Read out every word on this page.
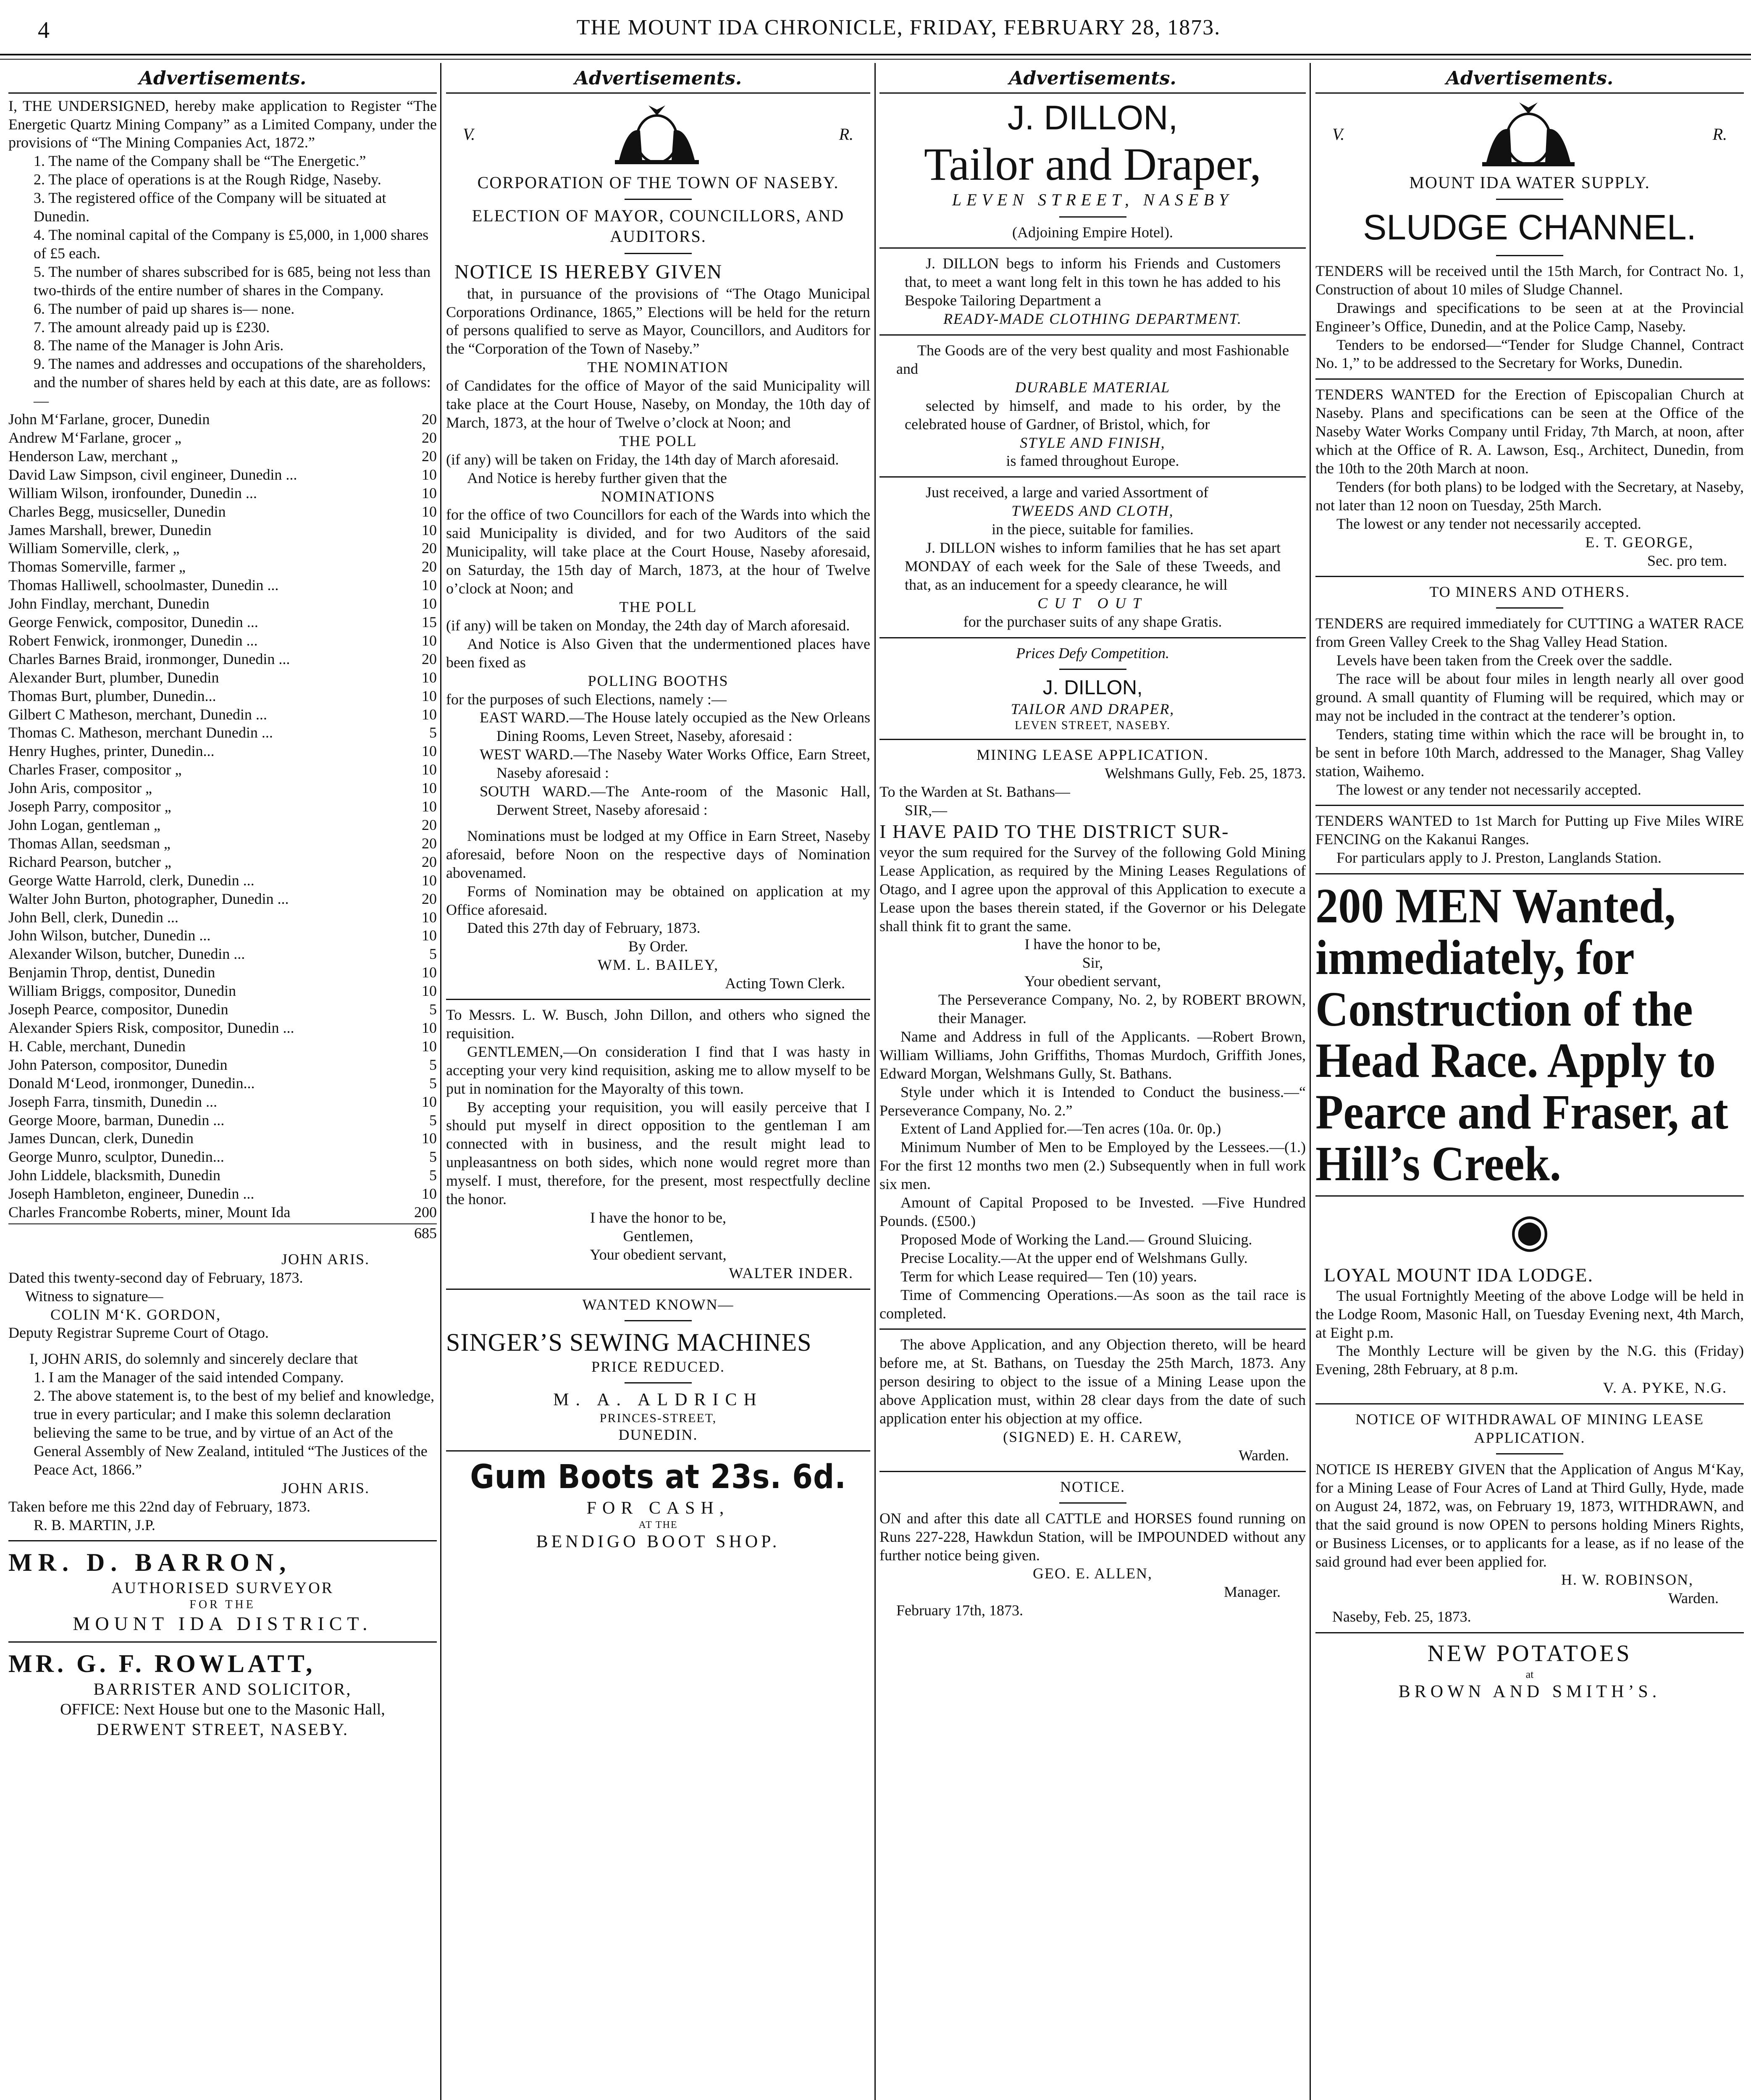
4	THE MOUNT IDA CHRONICLE, FRIDAY, FEBRUARY 28, 1873.
Advertisements.

I, THE UNDERSIGNED, hereby make application to Register “The Energetic Quartz Mining Company” as a Limited Company, under the provisions of “The Mining Companies Act, 1872.”

1. The name of the Company shall be “The Energetic.”
2. The place of operations is at the Rough Ridge, Naseby.
3. The registered office of the Company will be situated at Dunedin.
4. The nominal capital of the Company is £5,000, in 1,000 shares of £5 each.
5. The number of shares subscribed for is 685, being not less than two-thirds of the entire number of shares in the Company.
6. The number of paid up shares is— none.
7. The amount already paid up is £230.
8. The name of the Manager is John Aris.
9. The names and addresses and occupations of the shareholders, and the number of shares held by each at this date, are as follows:—
John M‘Farlane, grocer, Dunedin	20
Andrew M‘Farlane, grocer „	20
Henderson Law, merchant „	20
David Law Simpson, civil engineer, Dunedin ...	10
William Wilson, ironfounder, Dunedin ...	10
Charles Begg, musicseller, Dunedin	10
James Marshall, brewer, Dunedin	10
William Somerville, clerk, „	20
Thomas Somerville, farmer „	20
Thomas Halliwell, schoolmaster, Dunedin ...	10
John Findlay, merchant, Dunedin	10
George Fenwick, compositor, Dunedin ...	15
Robert Fenwick, ironmonger, Dunedin ...	10
Charles Barnes Braid, ironmonger, Dunedin ...	20
Alexander Burt, plumber, Dunedin	10
Thomas Burt, plumber, Dunedin...	10
Gilbert C Matheson, merchant, Dunedin ...	10
Thomas C. Matheson, merchant Dunedin ...	5
Henry Hughes, printer, Dunedin...	10
Charles Fraser, compositor „	10
John Aris, compositor „	10
Joseph Parry, compositor „	10
John Logan, gentleman „	20
Thomas Allan, seedsman „	20
Richard Pearson, butcher „	20
George Watte Harrold, clerk, Dunedin ...	10
Walter John Burton, photographer, Dunedin ...	20
John Bell, clerk, Dunedin ...	10
John Wilson, butcher, Dunedin ...	10
Alexander Wilson, butcher, Dunedin ...	5
Benjamin Throp, dentist, Dunedin	10
William Briggs, compositor, Dunedin	10
Joseph Pearce, compositor, Dunedin	5
Alexander Spiers Risk, compositor, Dunedin ...	10
H. Cable, merchant, Dunedin	10
John Paterson, compositor, Dunedin	5
Donald M‘Leod, ironmonger, Dunedin...	5
Joseph Farra, tinsmith, Dunedin ...	10
George Moore, barman, Dunedin ...	5
James Duncan, clerk, Dunedin	10
George Munro, sculptor, Dunedin...	5
John Liddele, blacksmith, Dunedin	5
Joseph Hambleton, engineer, Dunedin ...	10
Charles Francombe Roberts, miner, Mount Ida	200
685
JOHN ARIS.
Dated this twenty-second day of February, 1873.
Witness to signature—
COLIN M‘K. GORDON,
Deputy Registrar Supreme Court of Otago.

I, JOHN ARIS, do solemnly and sincerely declare that

1. I am the Manager of the said intended Company.
2. The above statement is, to the best of my belief and knowledge, true in every particular; and I make this solemn declaration believing the same to be true, and by virtue of an Act of the General Assembly of New Zealand, intituled “The Justices of the Peace Act, 1866.”
JOHN ARIS.
Taken before me this 22nd day of February, 1873.
R. B. MARTIN, J.P.
MR. D. BARRON,
AUTHORISED SURVEYOR
FOR THE
MOUNT IDA DISTRICT.
MR. G. F. ROWLATT,
BARRISTER AND SOLICITOR,
OFFICE: Next House but one to the Masonic Hall,
DERWENT STREET, NASEBY.
Advertisements.
V.	R.
CORPORATION OF THE TOWN OF NASEBY.
ELECTION OF MAYOR, COUNCILLORS, AND AUDITORS.
NOTICE IS HEREBY GIVEN

that, in pursuance of the provisions of “The Otago Municipal Corporations Ordinance, 1865,” Elections will be held for the return of persons qualified to serve as Mayor, Councillors, and Auditors for the “Corporation of the Town of Naseby.”

THE NOMINATION

of Candidates for the office of Mayor of the said Municipality will take place at the Court House, Naseby, on Monday, the 10th day of March, 1873, at the hour of Twelve o’clock at Noon; and

THE POLL

(if any) will be taken on Friday, the 14th day of March aforesaid.

And Notice is hereby further given that the

NOMINATIONS

for the office of two Councillors for each of the Wards into which the said Municipality is divided, and for two Auditors of the said Municipality, will take place at the Court House, Naseby aforesaid, on Saturday, the 15th day of March, 1873, at the hour of Twelve o’clock at Noon; and

THE POLL

(if any) will be taken on Monday, the 24th day of March aforesaid.

And Notice is Also Given that the undermentioned places have been fixed as

POLLING BOOTHS

for the purposes of such Elections, namely :—

EAST WARD.—The House lately occupied as the New Orleans Dining Rooms, Leven Street, Naseby, aforesaid :

WEST WARD.—The Naseby Water Works Office, Earn Street, Naseby aforesaid :

SOUTH WARD.—The Ante-room of the Masonic Hall, Derwent Street, Naseby aforesaid :

Nominations must be lodged at my Office in Earn Street, Naseby aforesaid, before Noon on the respective days of Nomination abovenamed.

Forms of Nomination may be obtained on application at my Office aforesaid.

Dated this 27th day of February, 1873.

By Order.
WM. L. BAILEY,
Acting Town Clerk.

To Messrs. L. W. Busch, John Dillon, and others who signed the requisition.

GENTLEMEN,—On consideration I find that I was hasty in accepting your very kind requisition, asking me to allow myself to be put in nomination for the Mayoralty of this town.

By accepting your requisition, you will easily perceive that I should put myself in direct opposition to the gentleman I am connected with in business, and the result might lead to unpleasantness on both sides, which none would regret more than myself. I must, therefore, for the present, most respectfully decline the honor.

I have the honor to be,
Gentlemen,
Your obedient servant,
WALTER INDER.
WANTED KNOWN—
SINGER’S SEWING MACHINES
PRICE REDUCED.
M. A. ALDRICH
PRINCES-STREET,
DUNEDIN.
Gum Boots at 23s. 6d.
FOR CASH,
AT THE
BENDIGO BOOT SHOP.
Advertisements.
J. DILLON,
Tailor and Draper,
LEVEN STREET, NASEBY
(Adjoining Empire Hotel).

J. DILLON begs to inform his Friends and Customers that, to meet a want long felt in this town he has added to his Bespoke Tailoring Department a

READY-MADE CLOTHING DEPARTMENT.

The Goods are of the very best quality and most Fashionable and

DURABLE MATERIAL

selected by himself, and made to his order, by the celebrated house of Gardner, of Bristol, which, for

STYLE AND FINISH,
is famed throughout Europe.

Just received, a large and varied Assortment of

TWEEDS AND CLOTH,
in the piece, suitable for families.

J. DILLON wishes to inform families that he has set apart MONDAY of each week for the Sale of these Tweeds, and that, as an inducement for a speedy clearance, he will

CUT OUT
for the purchaser suits of any shape Gratis.
Prices Defy Competition.
J. DILLON,
TAILOR AND DRAPER,
LEVEN STREET, NASEBY.
MINING LEASE APPLICATION.
Welshmans Gully, Feb. 25, 1873.
To the Warden at St. Bathans—
SIR,—
I HAVE PAID TO THE DISTRICT SUR-

veyor the sum required for the Survey of the following Gold Mining Lease Application, as required by the Mining Leases Regulations of Otago, and I agree upon the approval of this Application to execute a Lease upon the bases therein stated, if the Governor or his Delegate shall think fit to grant the same.

I have the honor to be,
Sir,
Your obedient servant,

The Perseverance Company, No. 2, by ROBERT BROWN, their Manager.

Name and Address in full of the Applicants. —Robert Brown, William Williams, John Griffiths, Thomas Murdoch, Griffith Jones, Edward Morgan, Welshmans Gully, St. Bathans.

Style under which it is Intended to Conduct the business.—“ Perseverance Company, No. 2.”

Extent of Land Applied for.—Ten acres (10a. 0r. 0p.)

Minimum Number of Men to be Employed by the Lessees.—(1.) For the first 12 months two men (2.) Subsequently when in full work six men.

Amount of Capital Proposed to be Invested. —Five Hundred Pounds. (£500.)

Proposed Mode of Working the Land.— Ground Sluicing.

Precise Locality.—At the upper end of Welshmans Gully.

Term for which Lease required— Ten (10) years.

Time of Commencing Operations.—As soon as the tail race is completed.

The above Application, and any Objection thereto, will be heard before me, at St. Bathans, on Tuesday the 25th March, 1873. Any person desiring to object to the issue of a Mining Lease upon the above Application must, within 28 clear days from the date of such application enter his objection at my office.

(SIGNED) E. H. CAREW,
Warden.
NOTICE.

ON and after this date all CATTLE and HORSES found running on Runs 227-228, Hawkdun Station, will be IMPOUNDED without any further notice being given.

GEO. E. ALLEN,
Manager.
February 17th, 1873.
Advertisements.
V.	R.
MOUNT IDA WATER SUPPLY.
SLUDGE CHANNEL.

TENDERS will be received until the 15th March, for Contract No. 1, Construction of about 10 miles of Sludge Channel.

Drawings and specifications to be seen at at the Provincial Engineer’s Office, Dunedin, and at the Police Camp, Naseby.

Tenders to be endorsed—“Tender for Sludge Channel, Contract No. 1,” to be addressed to the Secretary for Works, Dunedin.

TENDERS WANTED for the Erection of Episcopalian Church at Naseby. Plans and specifications can be seen at the Office of the Naseby Water Works Company until Friday, 7th March, at noon, after which at the Office of R. A. Lawson, Esq., Architect, Dunedin, from the 10th to the 20th March at noon.

Tenders (for both plans) to be lodged with the Secretary, at Naseby, not later than 12 noon on Tuesday, 25th March.

The lowest or any tender not necessarily accepted.

E. T. GEORGE,
Sec. pro tem.
TO MINERS AND OTHERS.

TENDERS are required immediately for CUTTING a WATER RACE from Green Valley Creek to the Shag Valley Head Station.

Levels have been taken from the Creek over the saddle.

The race will be about four miles in length nearly all over good ground. A small quantity of Fluming will be required, which may or may not be included in the contract at the tenderer’s option.

Tenders, stating time within which the race will be brought in, to be sent in before 10th March, addressed to the Manager, Shag Valley station, Waihemo.

The lowest or any tender not necessarily accepted.

TENDERS WANTED to 1st March for Putting up Five Miles WIRE FENCING on the Kakanui Ranges.

For particulars apply to J. Preston, Langlands Station.

200 MEN Wanted, immediately, for Construction of the Head Race. Apply to Pearce and Fraser, at Hill’s Creek.
◉
LOYAL MOUNT IDA LODGE.

The usual Fortnightly Meeting of the above Lodge will be held in the Lodge Room, Masonic Hall, on Tuesday Evening next, 4th March, at Eight p.m.

The Monthly Lecture will be given by the N.G. this (Friday) Evening, 28th February, at 8 p.m.

V. A. PYKE, N.G.
NOTICE OF WITHDRAWAL OF MINING LEASE APPLICATION.

NOTICE IS HEREBY GIVEN that the Application of Angus M‘Kay, for a Mining Lease of Four Acres of Land at Third Gully, Hyde, made on August 24, 1872, was, on February 19, 1873, WITHDRAWN, and that the said ground is now OPEN to persons holding Miners Rights, or Business Licenses, or to applicants for a lease, as if no lease of the said ground had ever been applied for.

H. W. ROBINSON,
Warden.
Naseby, Feb. 25, 1873.
NEW POTATOES
at
BROWN AND SMITH’S.
